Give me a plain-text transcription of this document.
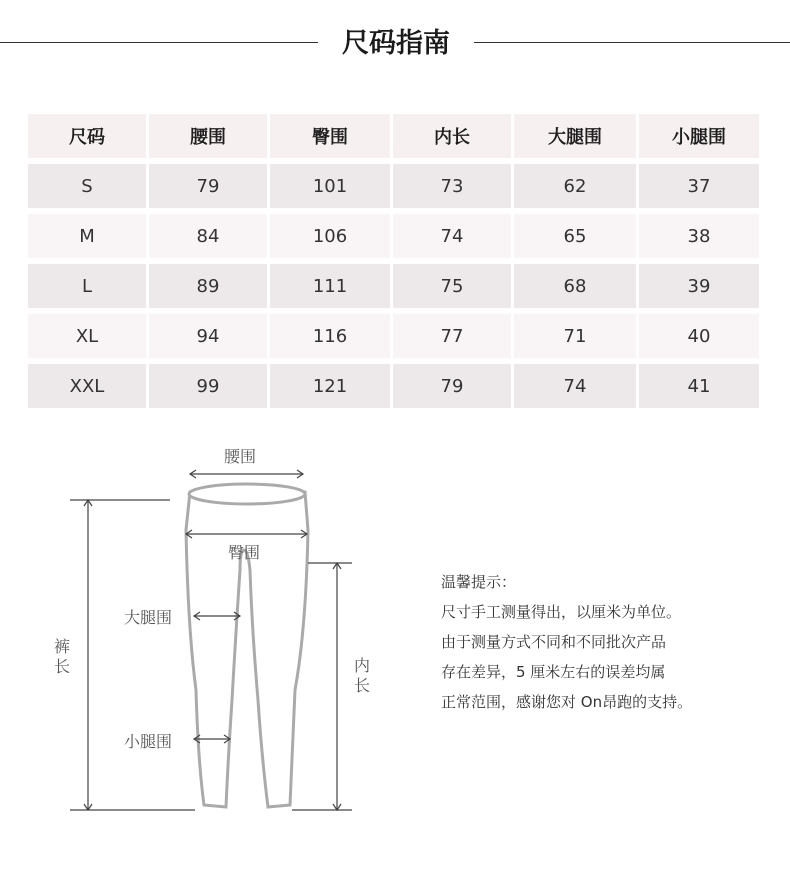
尺码指南
尺码	腰围	臀围	内长	大腿围	小腿围
S	79	101	73	62	37
M	84	106	74	65	38
L	89	111	75	68	39
XL	94	116	77	71	40
XXL	99	121	79	74	41
腰围
臀围
大腿围
小腿围
裤长	内长
温馨提示：
尺寸手工测量得出，以厘米为单位。
由于测量方式不同和不同批次产品
存在差异，5 厘米左右的误差均属
正常范围，感谢您对 On昂跑的支持。
